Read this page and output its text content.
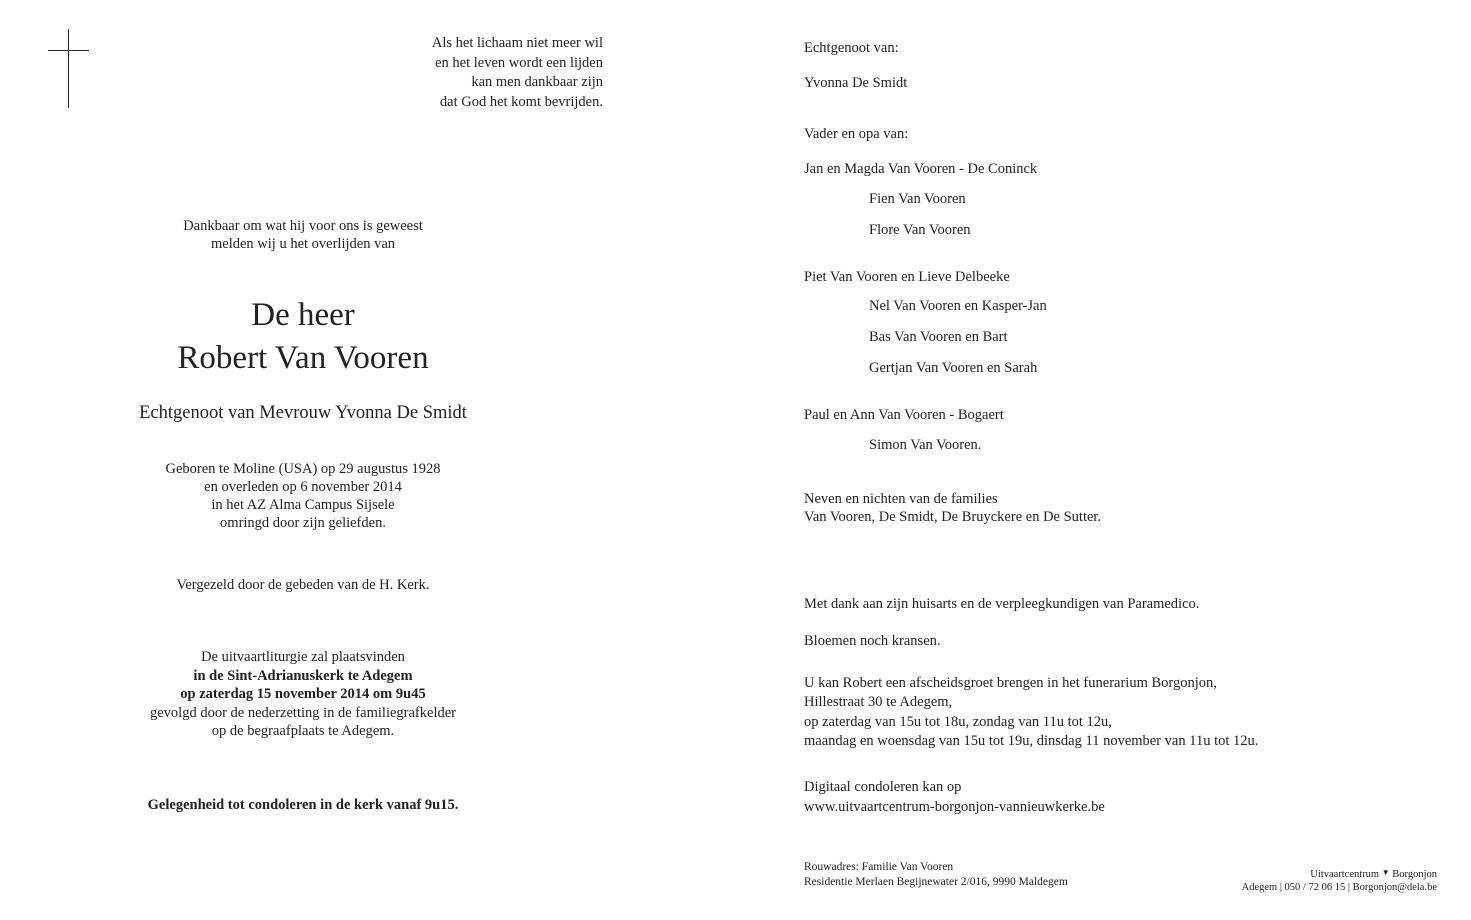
Als het lichaam niet meer wil
en het leven wordt een lijden
kan men dankbaar zijn
dat God het komt bevrijden.
Dankbaar om wat hij voor ons is geweest
melden wij u het overlijden van
De heer
Robert Van Vooren
Echtgenoot van Mevrouw Yvonna De Smidt
Geboren te Moline (USA) op 29 augustus 1928
en overleden op 6 november 2014
in het AZ Alma Campus Sijsele
omringd door zijn geliefden.
Vergezeld door de gebeden van de H. Kerk.
De uitvaartliturgie zal plaatsvinden
in de Sint-Adrianuskerk te Adegem
op zaterdag 15 november 2014 om 9u45
gevolgd door de nederzetting in de familiegrafkelder
op de begraafplaats te Adegem.
Gelegenheid tot condoleren in de kerk vanaf 9u15.
Echtgenoot van:
Yvonna De Smidt
Vader en opa van:
Jan en Magda Van Vooren - De Coninck
Fien Van Vooren
Flore Van Vooren
Piet Van Vooren en Lieve Delbeeke
Nel Van Vooren en Kasper-Jan
Bas Van Vooren en Bart
Gertjan Van Vooren en Sarah
Paul en Ann Van Vooren - Bogaert
Simon Van Vooren.
Neven en nichten van de families
Van Vooren, De Smidt, De Bruyckere en De Sutter.
Met dank aan zijn huisarts en de verpleegkundigen van Paramedico.
Bloemen noch kransen.
U kan Robert een afscheidsgroet brengen in het funerarium Borgonjon,
Hillestraat 30 te Adegem,
op zaterdag van 15u tot 18u, zondag van 11u tot 12u,
maandag en woensdag van 15u tot 19u, dinsdag 11 november van 11u tot 12u.
Digitaal condoleren kan op
www.uitvaartcentrum-borgonjon-vannieuwkerke.be
Rouwadres: Familie Van Vooren
Residentie Merlaen Begijnewater 2/016, 9990 Maldegem
Uitvaartcentrum ▼ Borgonjon
Adegem | 050 / 72 06 15 | Borgonjon@dela.be
